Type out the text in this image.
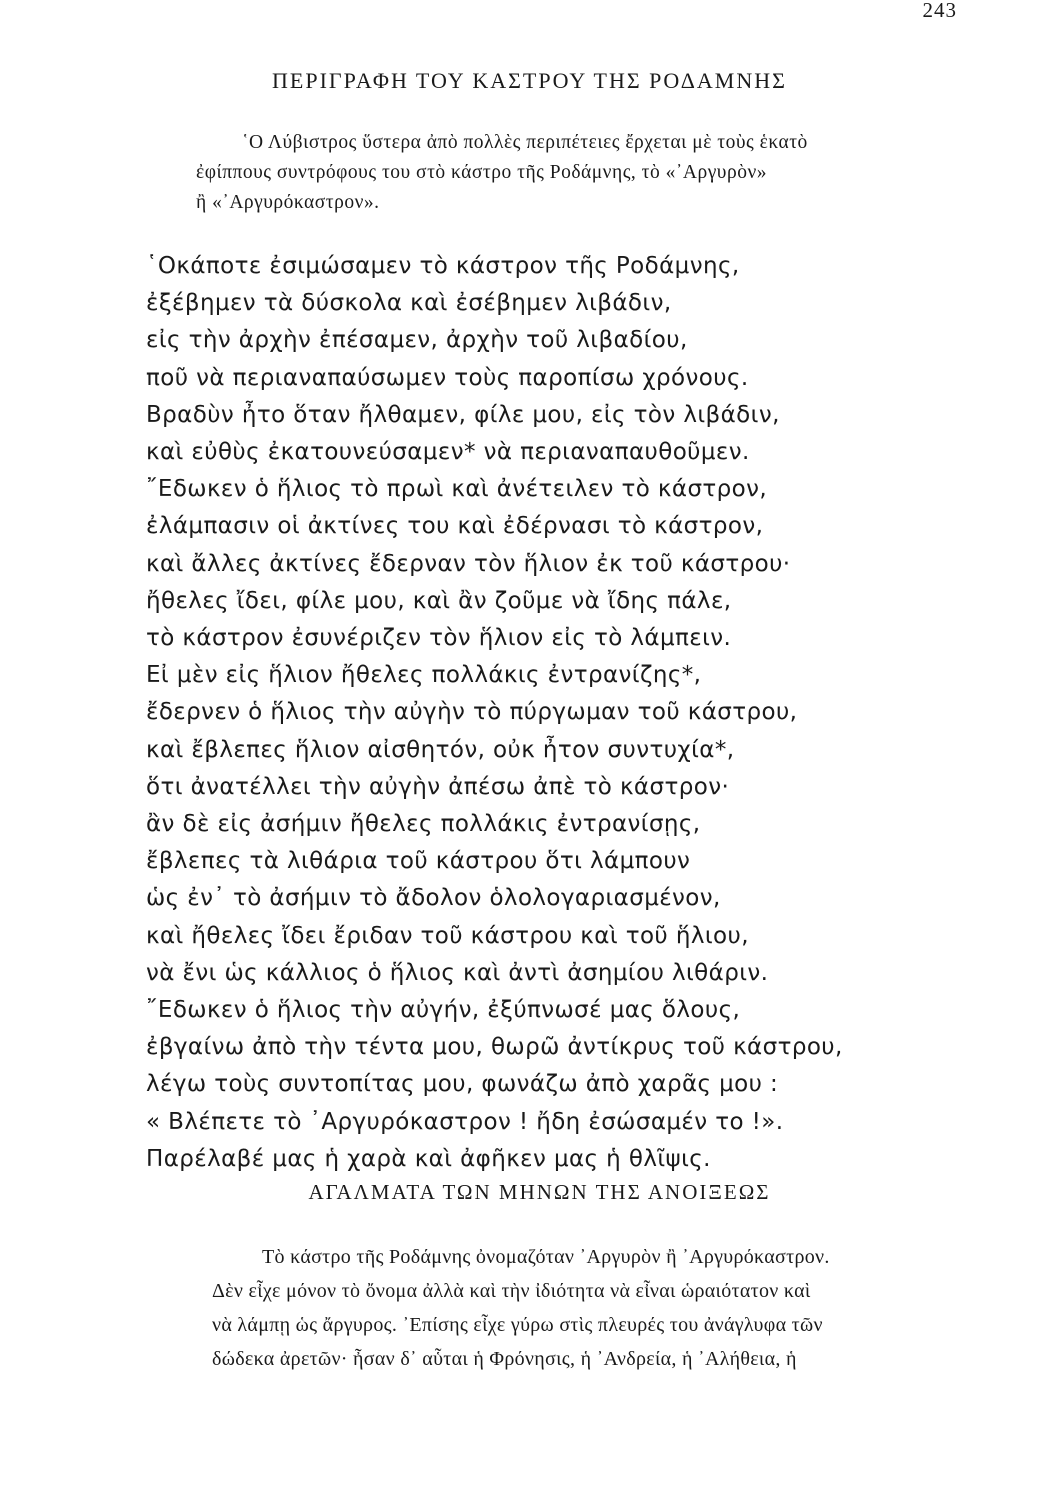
243
ΠΕΡΙΓΡΑΦΗ ΤΟΥ ΚΑΣΤΡΟΥ ΤΗΣ ΡΟΔΑΜΝΗΣ
῾Ο Λύβιστρος ὕστερα ἀπὸ πολλὲς περιπέτειες ἔρχεται μὲ τοὺς ἑκατὸ
ἐφίππους συντρόφους του στὸ κάστρο τῆς Ροδάμνης, τὸ «᾿Αργυρὸν»
ἢ «᾿Αργυρόκαστρον».
῾Οκάποτε ἐσιμώσαμεν τὸ κάστρον τῆς Ροδάμνης,
ἐξέβημεν τὰ δύσκολα καὶ ἐσέβημεν λιβάδιν,
εἰς τὴν ἀρχὴν ἐπέσαμεν, ἀρχὴν τοῦ λιβαδίου,
ποῦ νὰ περιαναπαύσωμεν τοὺς παροπίσω χρόνους.
Βραδὺν ἦτο ὅταν ἤλθαμεν, φίλε μου, εἰς τὸν λιβάδιν,
καὶ εὐθὺς ἐκατουνεύσαμεν* νὰ περιαναπαυθοῦμεν.
῎Εδωκεν ὁ ἥλιος τὸ πρωὶ καὶ ἀνέτειλεν τὸ κάστρον,
ἐλάμπασιν οἱ ἀκτίνες του καὶ ἐδέρνασι τὸ κάστρον,
καὶ ἄλλες ἀκτίνες ἔδερναν τὸν ἥλιον ἐκ τοῦ κάστρου·
ἤθελες ἴδει, φίλε μου, καὶ ἂν ζοῦμε νὰ ἴδης πάλε,
τὸ κάστρον ἐσυνέριζεν τὸν ἥλιον εἰς τὸ λάμπειν.
Εἰ μὲν εἰς ἥλιον ἤθελες πολλάκις ἐντρανίζης*,
ἔδερνεν ὁ ἥλιος τὴν αὐγὴν τὸ πύργωμαν τοῦ κάστρου,
καὶ ἔβλεπες ἥλιον αἰσθητόν, οὐκ ἦτον συντυχία*,
ὅτι ἀνατέλλει τὴν αὐγὴν ἀπέσω ἀπὲ τὸ κάστρον·
ἂν δὲ εἰς ἀσήμιν ἤθελες πολλάκις ἐντρανίσῃς,
ἔβλεπες τὰ λιθάρια τοῦ κάστρου ὅτι λάμπουν
ὡς ἐν᾿ τὸ ἀσήμιν τὸ ἄδολον ὁλολογαριασμένον,
καὶ ἤθελες ἴδει ἔριδαν τοῦ κάστρου καὶ τοῦ ἥλιου,
νὰ ἔνι ὡς κάλλιος ὁ ἥλιος καὶ ἀντὶ ἀσημίου λιθάριν.
῎Εδωκεν ὁ ἥλιος τὴν αὐγήν, ἐξύπνωσέ μας ὅλους,
ἐβγαίνω ἀπὸ τὴν τέντα μου, θωρῶ ἀντίκρυς τοῦ κάστρου,
λέγω τοὺς συντοπίτας μου, φωνάζω ἀπὸ χαρᾶς μου :
« Βλέπετε τὸ ᾿Αργυρόκαστρον ! ἤδη ἐσώσαμέν το !».
Παρέλαβέ μας ἡ χαρὰ καὶ ἀφῆκεν μας ἡ θλῖψις.
ΑΓΑΛΜΑΤΑ ΤΩΝ ΜΗΝΩΝ ΤΗΣ ΑΝΟΙΞΕΩΣ
Τὸ κάστρο τῆς Ροδάμνης ὀνομαζόταν ᾿Αργυρὸν ἢ ᾿Αργυρόκαστρον.
Δὲν εἶχε μόνον τὸ ὄνομα ἀλλὰ καὶ τὴν ἰδιότητα νὰ εἶναι ὡραιότατον καὶ
νὰ λάμπῃ ὡς ἄργυρος. ᾿Επίσης εἶχε γύρω στὶς πλευρές του ἀνάγλυφα τῶν
δώδεκα ἀρετῶν· ἦσαν δ᾿ αὗται ἡ Φρόνησις, ἡ ᾿Ανδρεία, ἡ ᾿Αλήθεια, ἡ
